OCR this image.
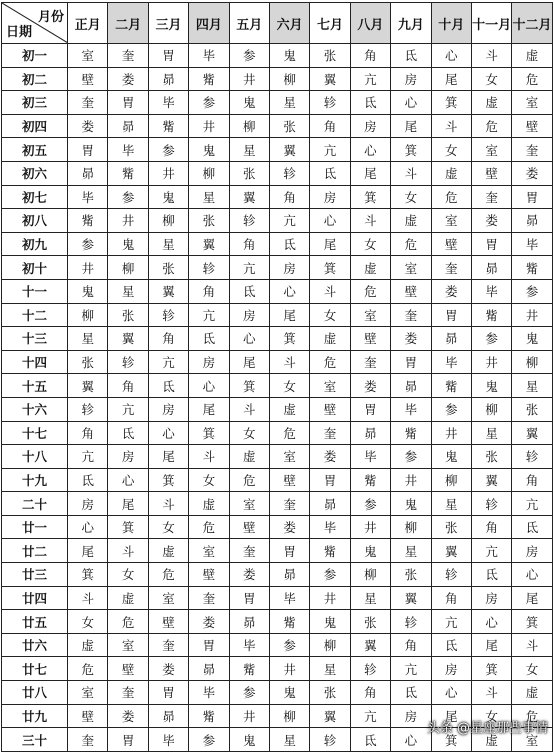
月份
日期	正月	二月	三月	四月	五月	六月	七月	八月	九月	十月	十一月	十二月
初一	室	奎	胃	毕	参	鬼	张	角	氐	心	斗	虚
初二	壁	娄	昴	觜	井	柳	翼	亢	房	尾	女	危
初三	奎	胃	毕	参	鬼	星	轸	氐	心	箕	虚	室
初四	娄	昴	觜	井	柳	张	角	房	尾	斗	危	壁
初五	胃	毕	参	鬼	星	翼	亢	心	箕	女	室	奎
初六	昴	觜	井	柳	张	轸	氐	尾	斗	虚	壁	娄
初七	毕	参	鬼	星	翼	角	房	箕	女	危	奎	胃
初八	觜	井	柳	张	轸	亢	心	斗	虚	室	娄	昴
初九	参	鬼	星	翼	角	氐	尾	女	危	壁	胃	毕
初十	井	柳	张	轸	亢	房	箕	虚	室	奎	昴	觜
十一	鬼	星	翼	角	氐	心	斗	危	壁	娄	毕	参
十二	柳	张	轸	亢	房	尾	女	室	奎	胃	觜	井
十三	星	翼	角	氐	心	箕	虚	壁	娄	昴	参	鬼
十四	张	轸	亢	房	尾	斗	危	奎	胃	毕	井	柳
十五	翼	角	氐	心	箕	女	室	娄	昴	觜	鬼	星
十六	轸	亢	房	尾	斗	虚	壁	胃	毕	参	柳	张
十七	角	氐	心	箕	女	危	奎	昴	觜	井	星	翼
十八	亢	房	尾	斗	虚	室	娄	毕	参	鬼	张	轸
十九	氐	心	箕	女	危	壁	胃	觜	井	柳	翼	角
二十	房	尾	斗	虚	室	奎	昴	参	鬼	星	轸	亢
廿一	心	箕	女	危	壁	娄	毕	井	柳	张	角	氐
廿二	尾	斗	虚	室	奎	胃	觜	鬼	星	翼	亢	房
廿三	箕	女	危	壁	娄	昴	参	柳	张	轸	氐	心
廿四	斗	虚	室	奎	胃	毕	井	星	翼	角	房	尾
廿五	女	危	壁	娄	昴	觜	鬼	张	轸	亢	心	箕
廿六	虚	室	奎	胃	毕	参	柳	翼	角	氐	尾	斗
廿七	危	壁	娄	昴	觜	井	星	轸	亢	房	箕	女
廿八	室	奎	胃	毕	参	鬼	张	角	氐	心	斗	虚
廿九	壁	娄	昴	觜	井	柳	翼	亢	房	尾	女	危
三十	奎	胃	毕	参	鬼	星	轸	氐	心	箕	虚	室
头条 @星座那些事情
